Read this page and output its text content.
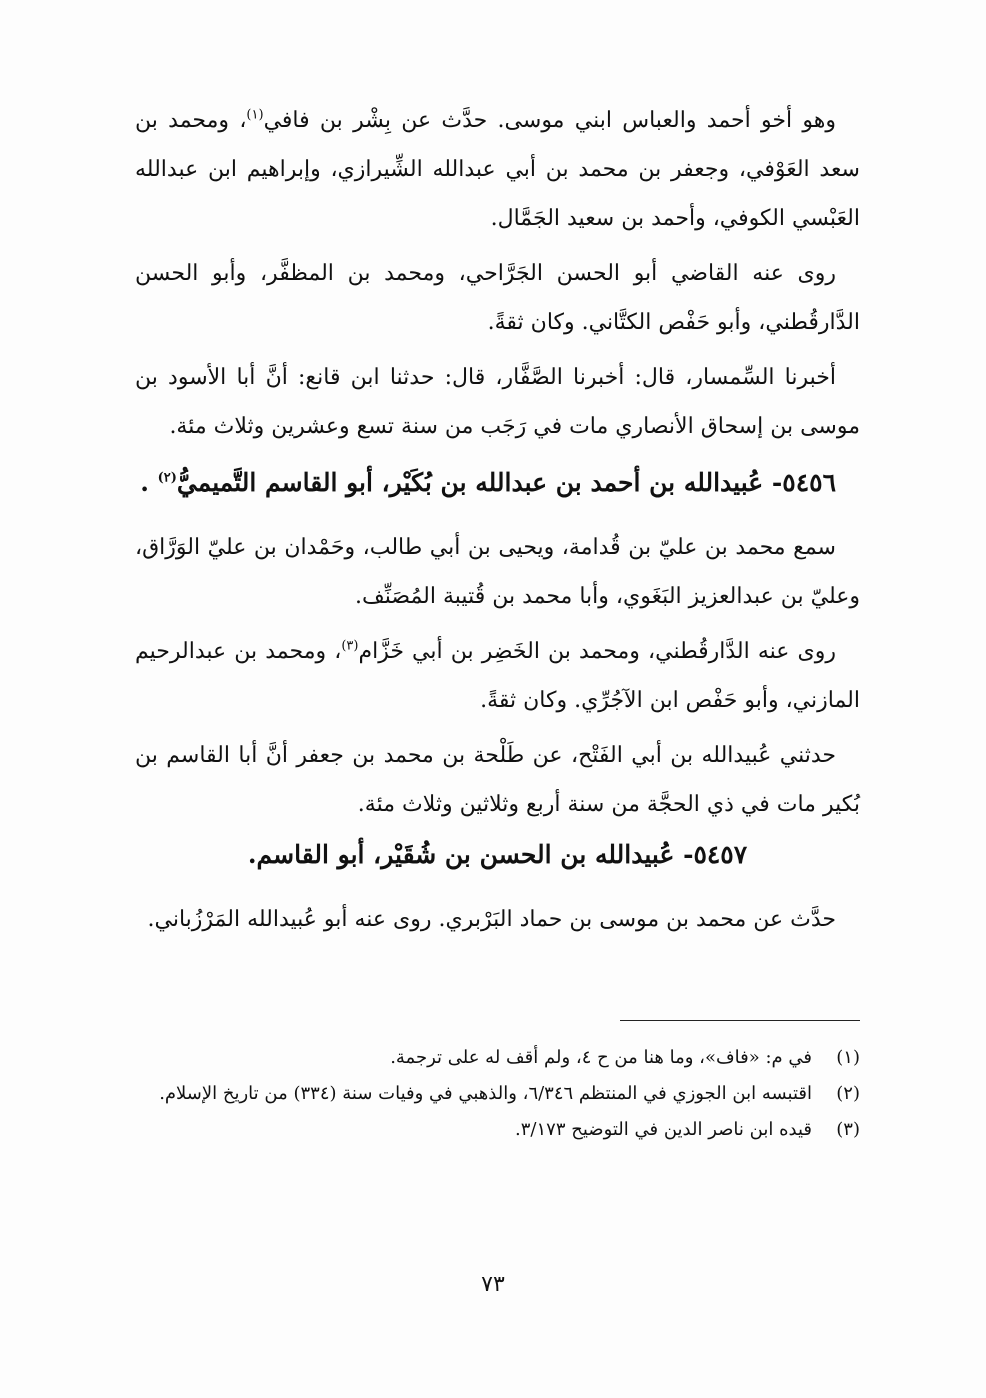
وهو أخو أحمد والعباس ابني موسى. حدَّث عن بِشْر بن فافي$^{(١)}$، ومحمد بن سعد العَوْفي، وجعفر بن محمد بن أبي عبدالله الشِّيرازي، وإبراهيم ابن عبدالله العَبْسي الكوفي، وأحمد بن سعيد الجَمَّال.

روى عنه القاضي أبو الحسن الجَرَّاحي، ومحمد بن المظفَّر، وأبو الحسن الدَّارقُطني، وأبو حَفْص الكتَّاني. وكان ثقةً.

أخبرنا السِّمسار، قال: أخبرنا الصَّفَّار، قال: حدثنا ابن قانع: أنَّ أبا الأسود بن موسى بن إسحاق الأنصاري مات في رَجَب من سنة تسع وعشرين وثلاث مئة.

٥٤٥٦- عُبيدالله بن أحمد بن عبدالله بن بُكَيْر، أبو القاسم التَّميميُّ$^{(٢)}$ .

سمع محمد بن عليّ بن قُدامة، ويحيى بن أبي طالب، وحَمْدان بن عليّ الوَرَّاق، وعليّ بن عبدالعزيز البَغَوي، وأبا محمد بن قُتيبة المُصَنِّف.

روى عنه الدَّارقُطني، ومحمد بن الخَضِر بن أبي خَزَّام$^{(٣)}$، ومحمد بن عبدالرحيم المازني، وأبو حَفْص ابن الآجُرِّي. وكان ثقةً.

حدثني عُبيدالله بن أبي الفَتْح، عن طَلْحة بن محمد بن جعفر أنَّ أبا القاسم بن بُكير مات في ذي الحجَّة من سنة أربع وثلاثين وثلاث مئة.

٥٤٥٧- عُبيدالله بن الحسن بن شُقَيْر، أبو القاسم.

حدَّث عن محمد بن موسى بن حماد البَرْبري. روى عنه أبو عُبيدالله المَرْزُباني.

(١)
في م: «فاف»، وما هنا من ح ٤، ولم أقف له على ترجمة.
(٢)
اقتبسه ابن الجوزي في المنتظم ٦/٣٤٦، والذهبي في وفيات سنة (٣٣٤) من تاريخ الإسلام.
(٣)
قيده ابن ناصر الدين في التوضيح ٣/١٧٣.
٧٣
